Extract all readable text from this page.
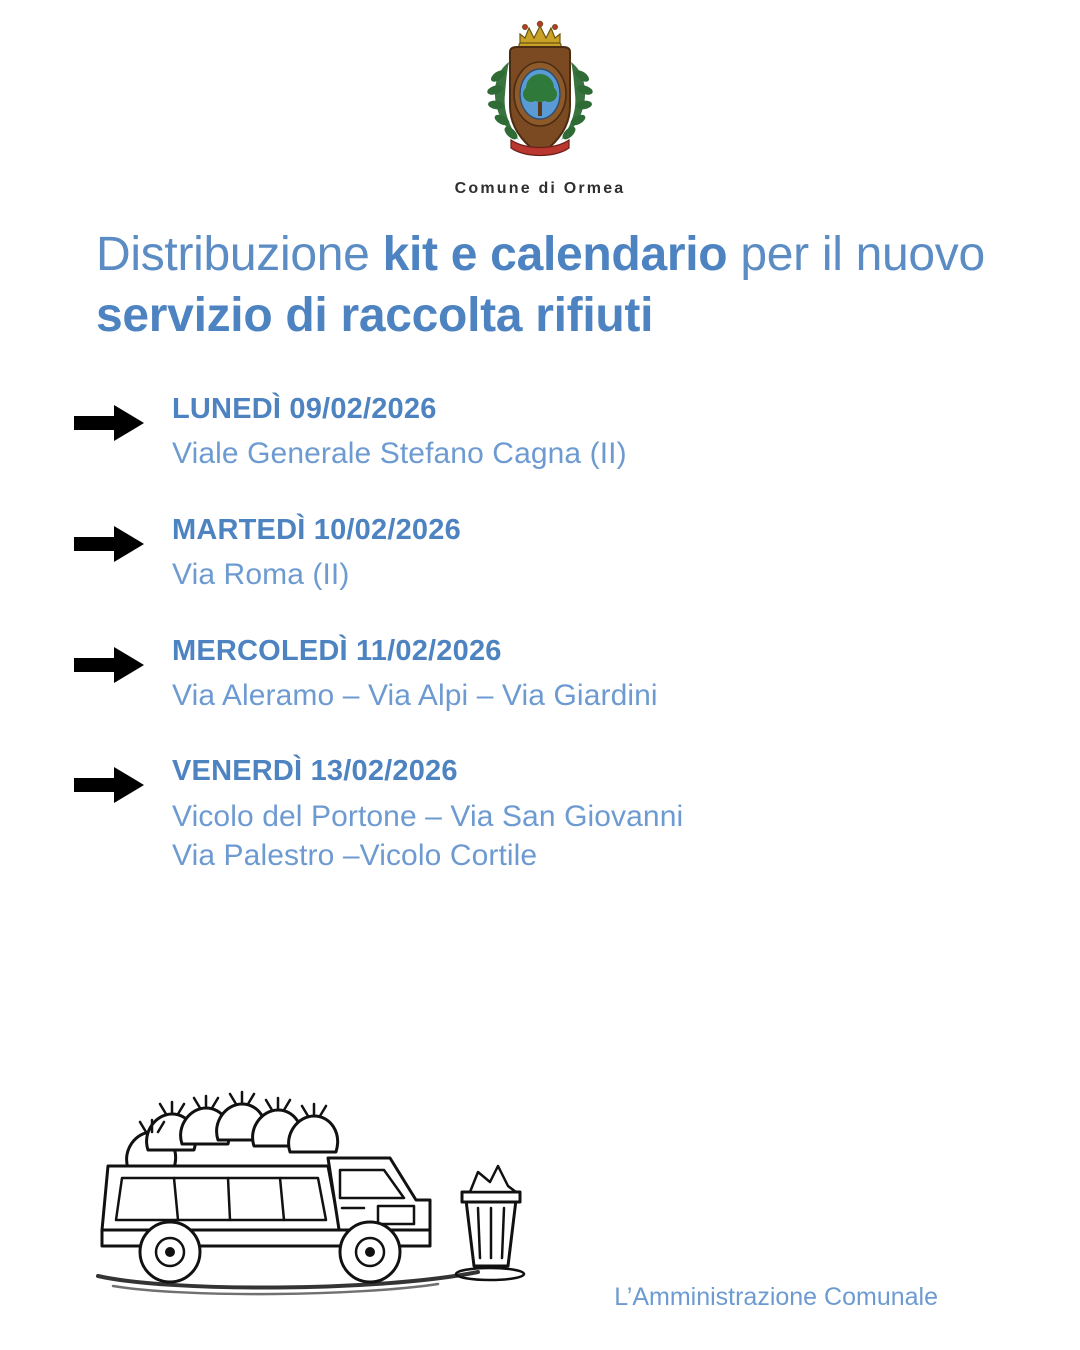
Comune di Ormea
Distribuzione kit e calendario per il nuovo servizio di raccolta rifiuti
LUNEDÌ 09/02/2026
Viale Generale Stefano Cagna (II)
MARTEDÌ 10/02/2026
Via Roma (II)
MERCOLEDÌ 11/02/2026
Via Aleramo – Via Alpi – Via Giardini
VENERDÌ 13/02/2026
Vicolo del Portone – Via San Giovanni
Via Palestro –Vicolo Cortile
L’Amministrazione Comunale
